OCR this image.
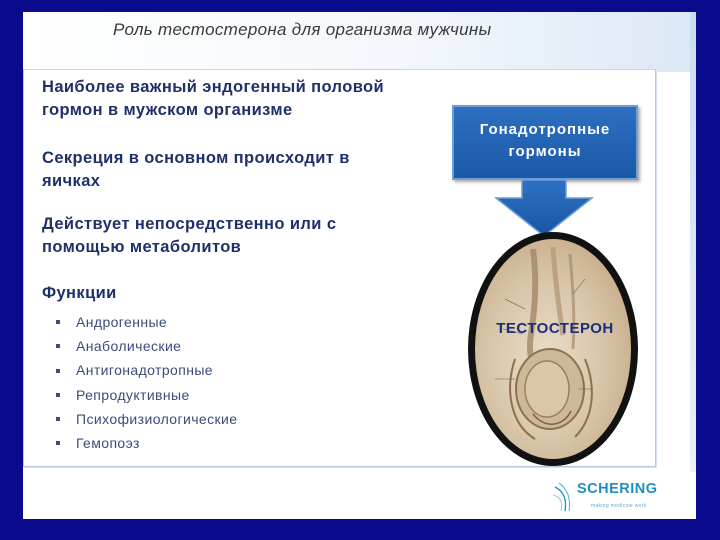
Роль тестостерона для организма мужчины
Наиболее важный эндогенный половой гормон в мужском организме
Секреция в основном происходит в яичках
Действует непосредственно или с помощью метаболитов
Функции
Андрогенные
Анаболические
Антигонадотропные
Репродуктивные
Психофизиологические
Гемопоэз
Гонадотропные гормоны
ТЕСТОСТЕРОН
SCHERING
making medicine work
